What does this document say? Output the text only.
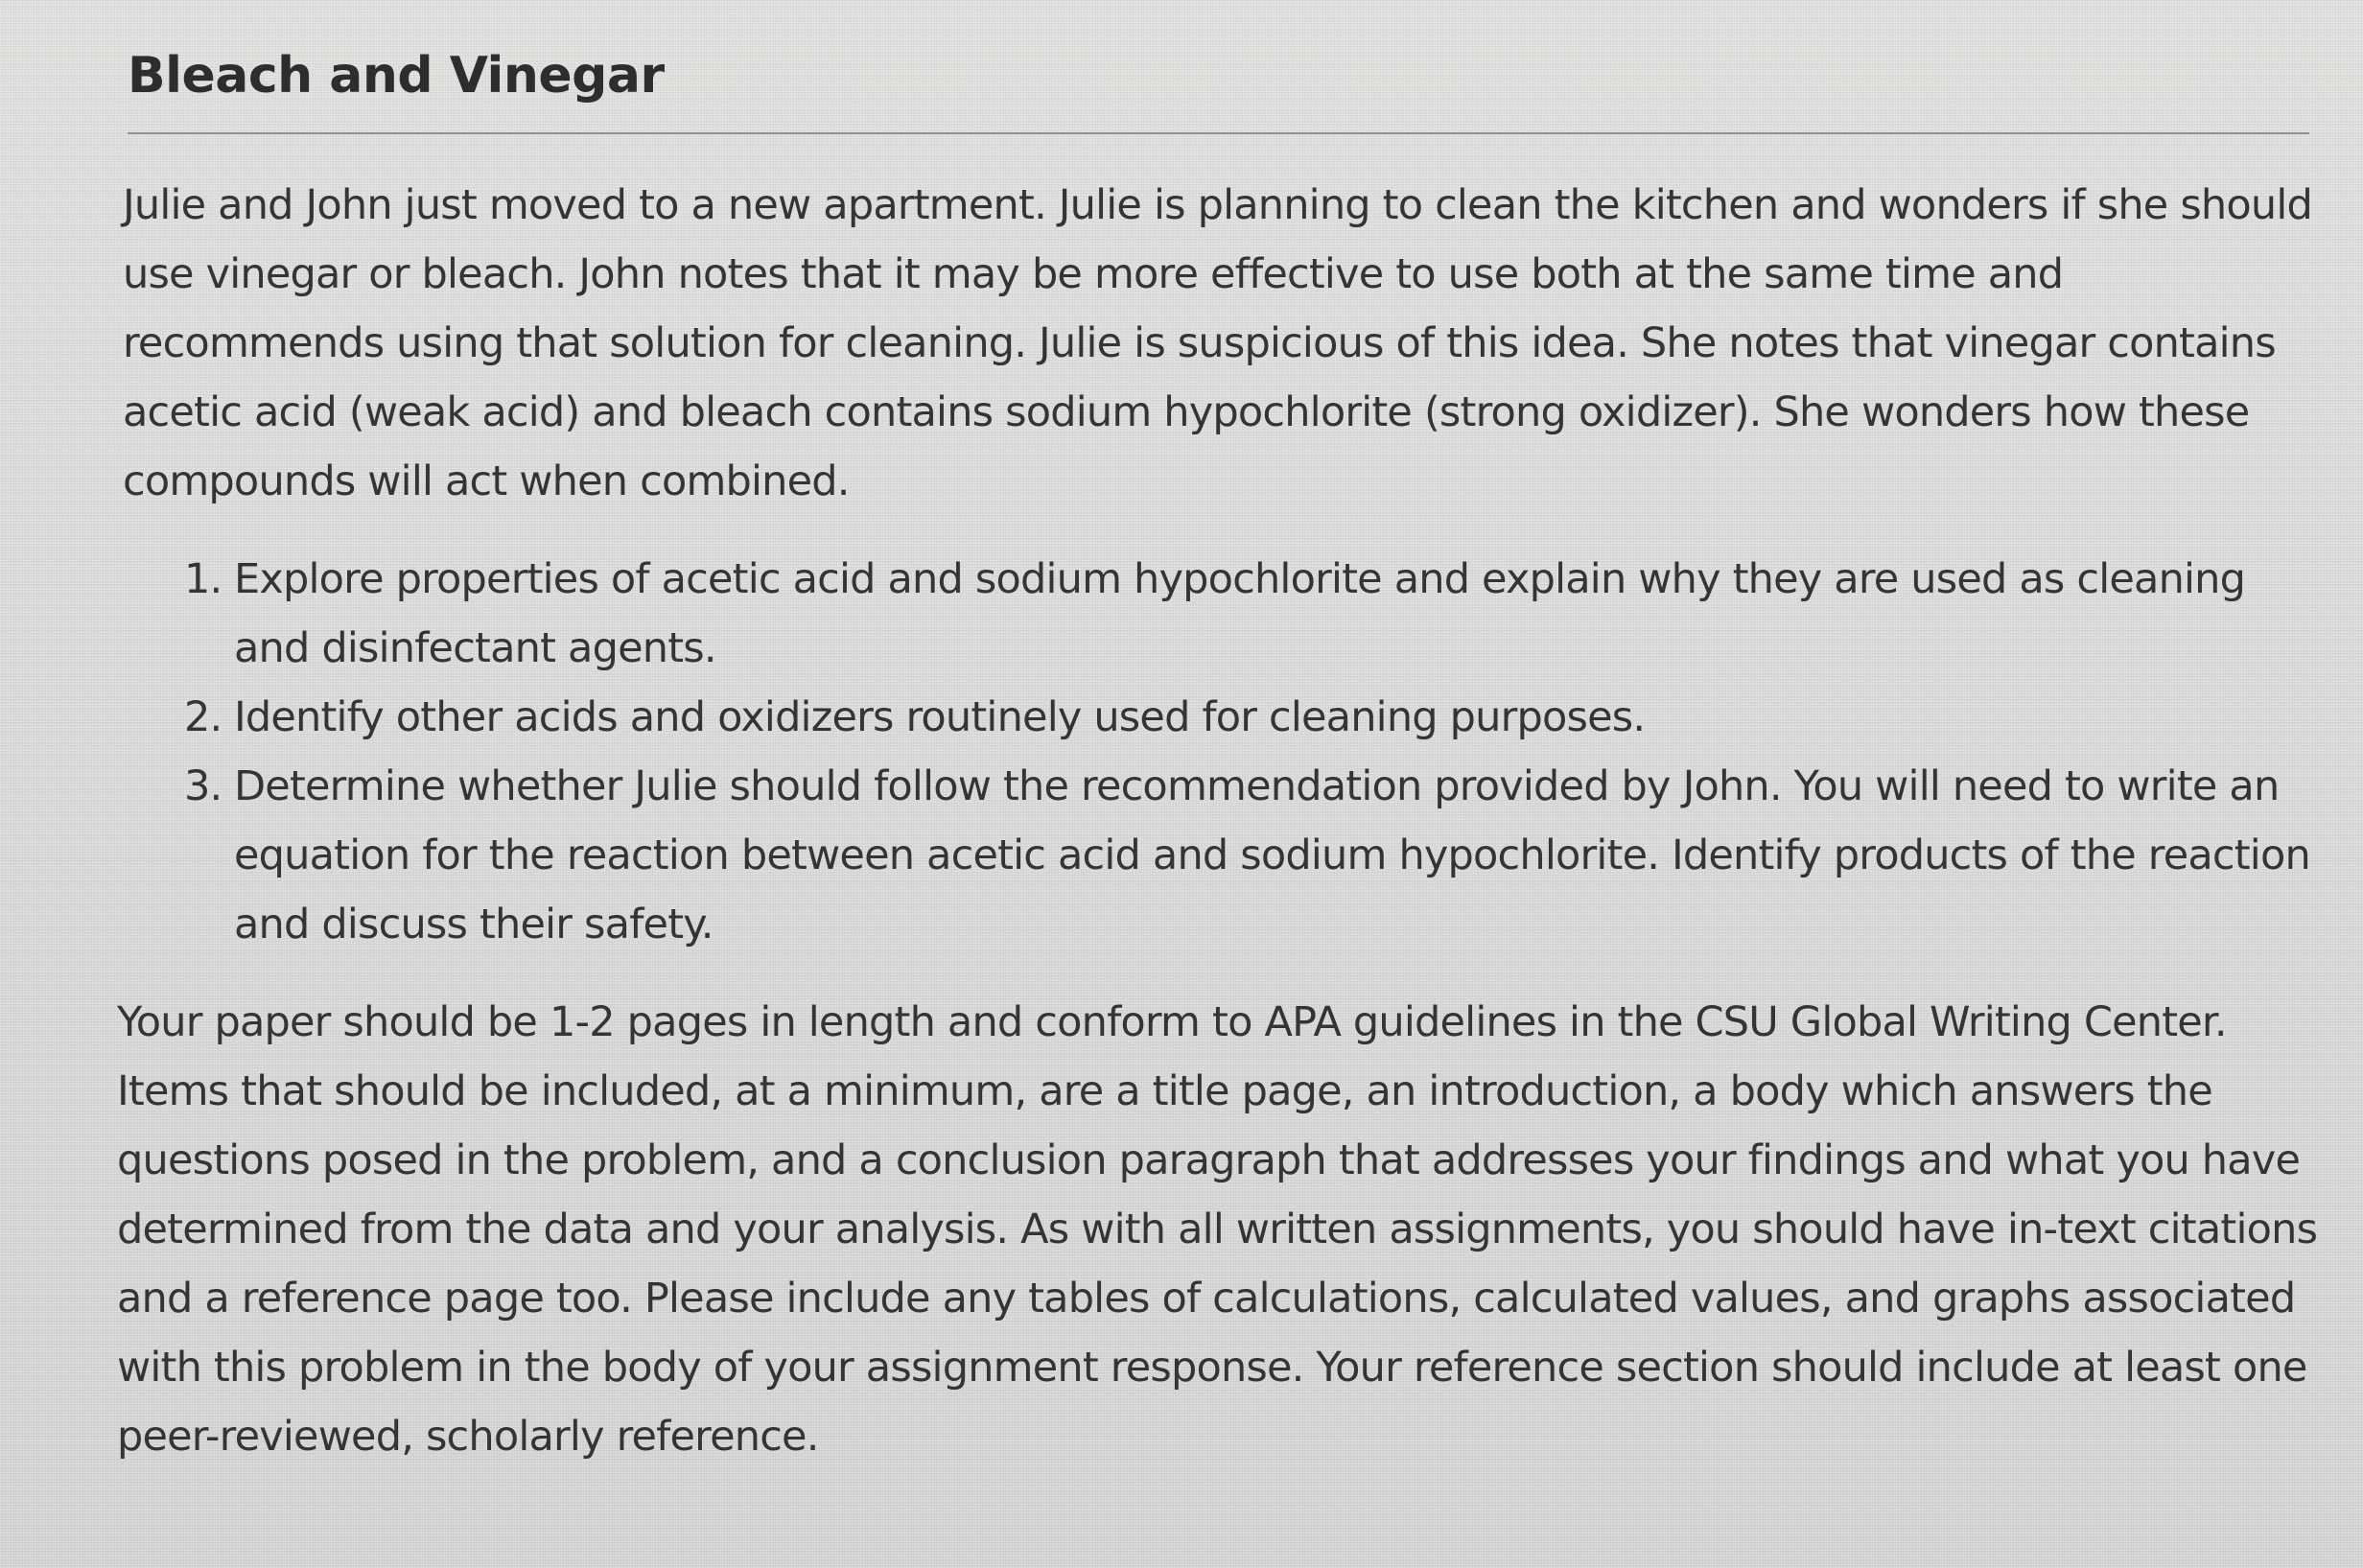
Bleach and Vinegar

Julie and John just moved to a new apartment. Julie is planning to clean the kitchen and wonders if she should use vinegar or bleach. John notes that it may be more effective to use both at the same time and recommends using that solution for cleaning. Julie is suspicious of this idea. She notes that vinegar contains acetic acid (weak acid) and bleach contains sodium hypochlorite (strong oxidizer). She wonders how these compounds will act when combined.

1. Explore properties of acetic acid and sodium hypochlorite and explain why they are used as cleaning and disinfectant agents.
2. Identify other acids and oxidizers routinely used for cleaning purposes.
3. Determine whether Julie should follow the recommendation provided by John. You will need to write an equation for the reaction between acetic acid and sodium hypochlorite. Identify products of the reaction and discuss their safety.

Your paper should be 1-2 pages in length and conform to APA guidelines in the CSU Global Writing Center. Items that should be included, at a minimum, are a title page, an introduction, a body which answers the questions posed in the problem, and a conclusion paragraph that addresses your findings and what you have determined from the data and your analysis. As with all written assignments, you should have in-text citations and a reference page too. Please include any tables of calculations, calculated values, and graphs associated with this problem in the body of your assignment response. Your reference section should include at least one peer-reviewed, scholarly reference.
